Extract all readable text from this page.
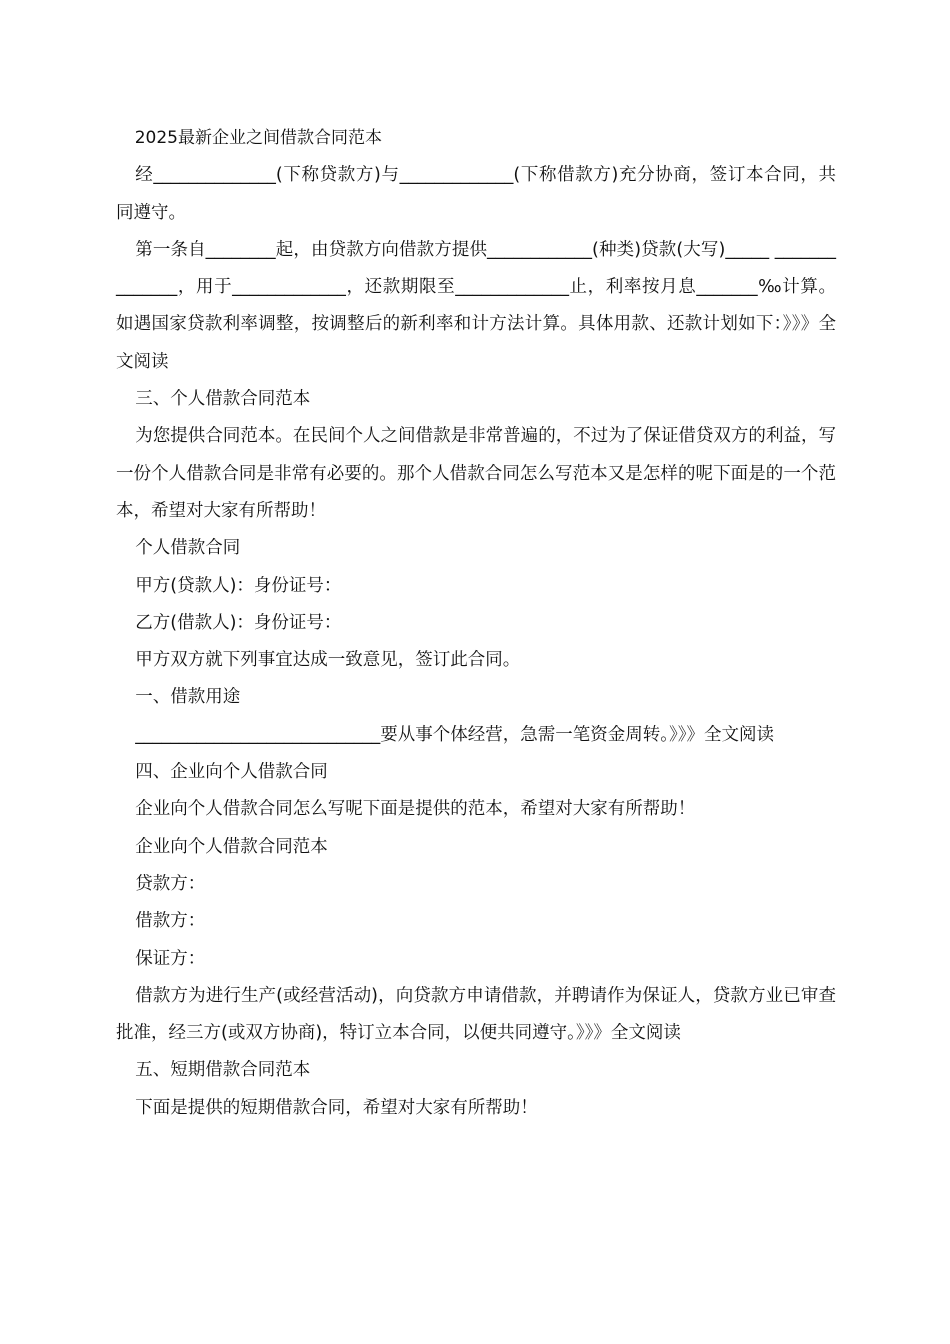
2025最新企业之间借款合同范本

经______________(下称贷款方)与_____________(下称借款方)充分协商，签订本合同，共同遵守。

第一条自________起，由贷款方向借款方提供____________(种类)贷款(大写)_____ ______________，用于_____________，还款期限至_____________止，利率按月息_______‰计算。如遇国家贷款利率调整，按调整后的新利率和计方法计算。具体用款、还款计划如下：》》》全文阅读

三、个人借款合同范本

为您提供合同范本。在民间个人之间借款是非常普遍的，不过为了保证借贷双方的利益，写一份个人借款合同是非常有必要的。那个人借款合同怎么写范本又是怎样的呢下面是的一个范本，希望对大家有所帮助！

个人借款合同

甲方(贷款人)：身份证号：

乙方(借款人)：身份证号：

甲方双方就下列事宜达成一致意见，签订此合同。

一、借款用途

____________________________要从事个体经营，急需一笔资金周转。》》》全文阅读

四、企业向个人借款合同

企业向个人借款合同怎么写呢下面是提供的范本，希望对大家有所帮助！

企业向个人借款合同范本

贷款方：

借款方：

保证方：

借款方为进行生产(或经营活动)，向贷款方申请借款，并聘请作为保证人，贷款方业已审查批准，经三方(或双方协商)，特订立本合同，以便共同遵守。》》》全文阅读

五、短期借款合同范本

下面是提供的短期借款合同，希望对大家有所帮助！
